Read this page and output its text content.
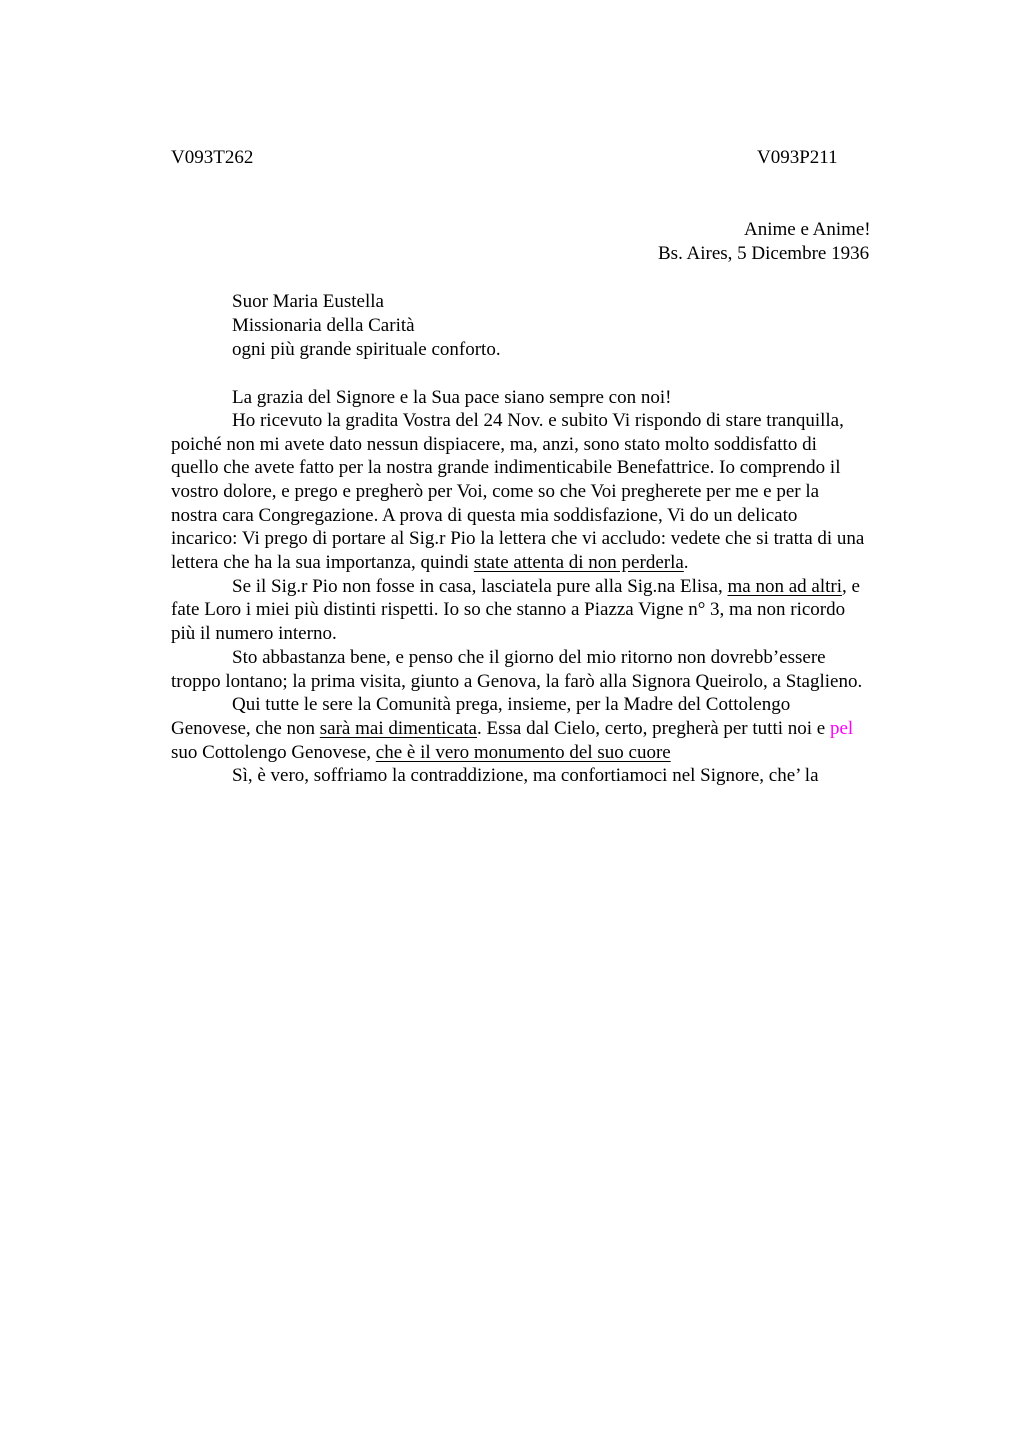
V093T262	V093P211
Anime e Anime!
Bs. Aires, 5 Dicembre 1936
Suor Maria Eustella
Missionaria della Carità
ogni più grande spirituale conforto.
La grazia del Signore e la Sua pace siano sempre con noi!
Ho ricevuto la gradita Vostra del 24 Nov. e subito Vi rispondo di stare tranquilla,
poiché non mi avete dato nessun dispiacere, ma, anzi, sono stato molto soddisfatto di
quello che avete fatto per la nostra grande indimenticabile Benefattrice. Io comprendo il
vostro dolore, e prego e pregherò per Voi, come so che Voi pregherete per me e per la
nostra cara Congregazione. A prova di questa mia soddisfazione, Vi do un delicato
incarico: Vi prego di portare al Sig.r Pio la lettera che vi accludo: vedete che si tratta di una
lettera che ha la sua importanza, quindi state attenta di non perderla.
Se il Sig.r Pio non fosse in casa, lasciatela pure alla Sig.na Elisa, ma non ad altri, e
fate Loro i miei più distinti rispetti. Io so che stanno a Piazza Vigne n° 3, ma non ricordo
più il numero interno.
Sto abbastanza bene, e penso che il giorno del mio ritorno non dovrebb’essere
troppo lontano; la prima visita, giunto a Genova, la farò alla Signora Queirolo, a Staglieno.
Qui tutte le sere la Comunità prega, insieme, per la Madre del Cottolengo
Genovese, che non sarà mai dimenticata. Essa dal Cielo, certo, pregherà per tutti noi e pel
suo Cottolengo Genovese, che è il vero monumento del suo cuore
Sì, è vero, soffriamo la contraddizione, ma confortiamoci nel Signore, che’ la
